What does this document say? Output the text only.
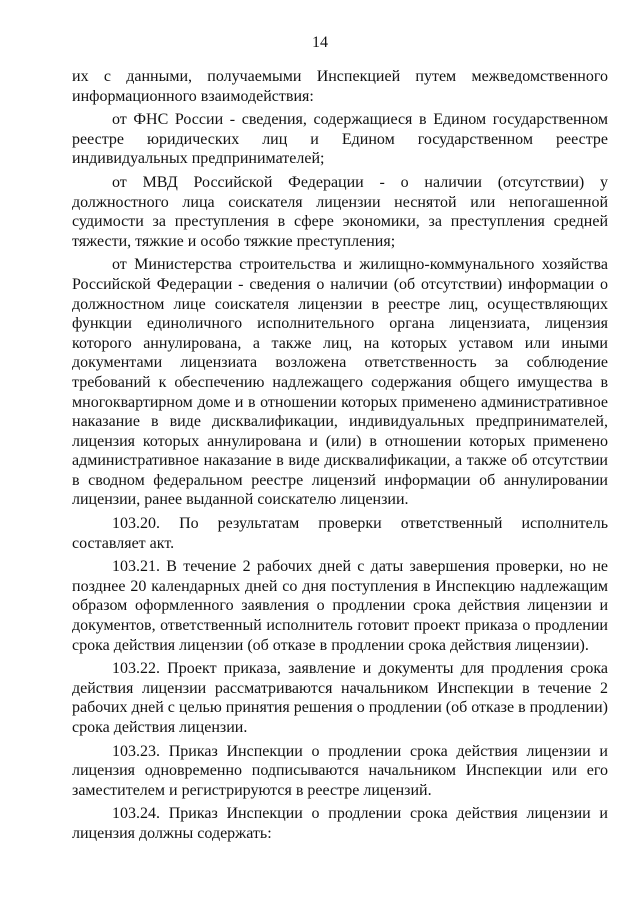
14

их с данными, получаемыми Инспекцией путем межведомственного информационного взаимодействия:

от ФНС России - сведения, содержащиеся в Едином государственном реестре юридических лиц и Едином государственном реестре индивидуальных предпринимателей;

от МВД Российской Федерации - о наличии (отсутствии) у должностного лица соискателя лицензии неснятой или непогашенной судимости за преступления в сфере экономики, за преступления средней тяжести, тяжкие и особо тяжкие преступления;

от Министерства строительства и жилищно-коммунального хозяйства Российской Федерации - сведения о наличии (об отсутствии) информации о должностном лице соискателя лицензии в реестре лиц, осуществляющих функции единоличного исполнительного органа лицензиата, лицензия которого аннулирована, а также лиц, на которых уставом или иными документами лицензиата возложена ответственность за соблюдение требований к обеспечению надлежащего содержания общего имущества в многоквартирном доме и в отношении которых применено административное наказание в виде дисквалификации, индивидуальных предпринимателей, лицензия которых аннулирована и (или) в отношении которых применено административное наказание в виде дисквалификации, а также об отсутствии в сводном федеральном реестре лицензий информации об аннулировании лицензии, ранее выданной соискателю лицензии.

103.20. По результатам проверки ответственный исполнитель составляет акт.

103.21. В течение 2 рабочих дней с даты завершения проверки, но не позднее 20 календарных дней со дня поступления в Инспекцию надлежащим образом оформленного заявления о продлении срока действия лицензии и документов, ответственный исполнитель готовит проект приказа о продлении срока действия лицензии (об отказе в продлении срока действия лицензии).

103.22. Проект приказа, заявление и документы для продления срока действия лицензии рассматриваются начальником Инспекции в течение 2 рабочих дней с целью принятия решения о продлении (об отказе в продлении) срока действия лицензии.

103.23. Приказ Инспекции о продлении срока действия лицензии и лицензия одновременно подписываются начальником Инспекции или его заместителем и регистрируются в реестре лицензий.

103.24. Приказ Инспекции о продлении срока действия лицензии и лицензия должны содержать:
